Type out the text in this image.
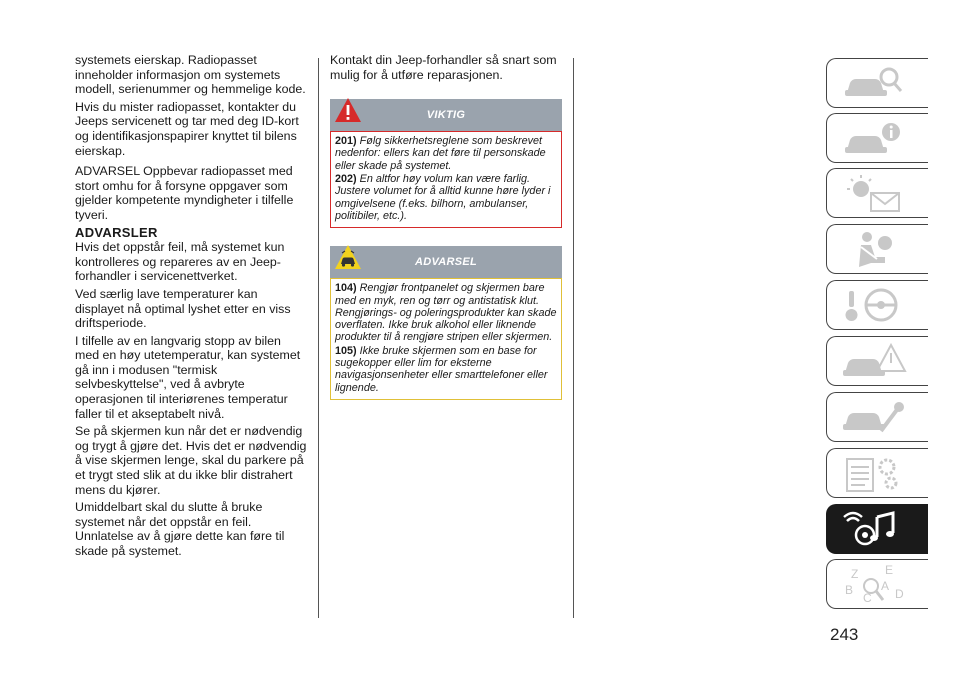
systemets eierskap. Radiopasset inneholder informasjon om systemets modell, serienummer og hemmelige kode.

Hvis du mister radiopasset, kontakter du Jeeps servicenett og tar med deg ID-kort og identifikasjonspapirer knyttet til bilens eierskap.

ADVARSEL Oppbevar radiopasset med stort omhu for å forsyne oppgaver som gjelder kompetente myndigheter i tilfelle tyveri.

ADVARSLER

Hvis det oppstår feil, må systemet kun kontrolleres og repareres av en Jeep-forhandler i servicenettverket.

Ved særlig lave temperaturer kan displayet nå optimal lyshet etter en viss driftsperiode.

I tilfelle av en langvarig stopp av bilen med en høy utetemperatur, kan systemet gå inn i modusen "termisk selvbeskyttelse", ved å avbryte operasjonen til interiørenes temperatur faller til et akseptabelt nivå.

Se på skjermen kun når det er nødvendig og trygt å gjøre det. Hvis det er nødvendig å vise skjermen lenge, skal du parkere på et trygt sted slik at du ikke blir distrahert mens du kjører.

Umiddelbart skal du slutte å bruke systemet når det oppstår en feil. Unnlatelse av å gjøre dette kan føre til skade på systemet.

Kontakt din Jeep-forhandler så snart som mulig for å utføre reparasjonen.

VIKTIG

201) Følg sikkerhetsreglene som beskrevet nedenfor: ellers kan det føre til personskade eller skade på systemet.

202) En altfor høy volum kan være farlig. Justere volumet for å alltid kunne høre lyder i omgivelsene (f.eks. bilhorn, ambulanser, politibiler, etc.).

ADVARSEL

104) Rengjør frontpanelet og skjermen bare med en myk, ren og tørr og antistatisk klut. Rengjørings- og poleringsprodukter kan skade overflaten. Ikke bruk alkohol eller liknende produkter til å rengjøre stripen eller skjermen.

105) Ikke bruke skjermen som en base for sugekopper eller lim for eksterne navigasjonsenheter eller smarttelefoner eller lignende.

Z E
B A
C D
243
